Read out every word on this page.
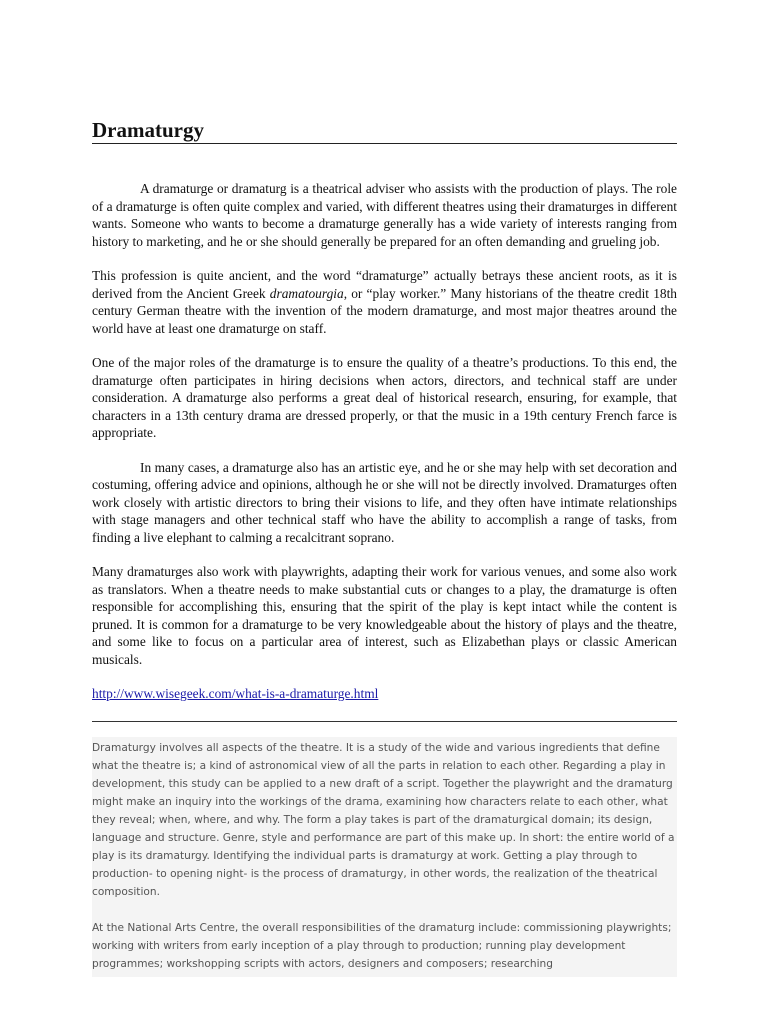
Dramaturgy

A dramaturge or dramaturg is a theatrical adviser who assists with the production of plays. The role of a dramaturge is often quite complex and varied, with different theatres using their dramaturges in different wants. Someone who wants to become a dramaturge generally has a wide variety of interests ranging from history to marketing, and he or she should generally be prepared for an often demanding and grueling job.

This profession is quite ancient, and the word “dramaturge” actually betrays these ancient roots, as it is derived from the Ancient Greek dramatourgia, or “play worker.” Many historians of the theatre credit 18th century German theatre with the invention of the modern dramaturge, and most major theatres around the world have at least one dramaturge on staff.

One of the major roles of the dramaturge is to ensure the quality of a theatre’s productions. To this end, the dramaturge often participates in hiring decisions when actors, directors, and technical staff are under consideration. A dramaturge also performs a great deal of historical research, ensuring, for example, that characters in a 13th century drama are dressed properly, or that the music in a 19th century French farce is appropriate.

In many cases, a dramaturge also has an artistic eye, and he or she may help with set decoration and costuming, offering advice and opinions, although he or she will not be directly involved. Dramaturges often work closely with artistic directors to bring their visions to life, and they often have intimate relationships with stage managers and other technical staff who have the ability to accomplish a range of tasks, from finding a live elephant to calming a recalcitrant soprano.

Many dramaturges also work with playwrights, adapting their work for various venues, and some also work as translators. When a theatre needs to make substantial cuts or changes to a play, the dramaturge is often responsible for accomplishing this, ensuring that the spirit of the play is kept intact while the content is pruned. It is common for a dramaturge to be very knowledgeable about the history of plays and the theatre, and some like to focus on a particular area of interest, such as Elizabethan plays or classic American musicals.

http://www.wisegeek.com/what-is-a-dramaturge.html

Dramaturgy involves all aspects of the theatre. It is a study of the wide and various ingredients that define what the theatre is; a kind of astronomical view of all the parts in relation to each other. Regarding a play in development, this study can be applied to a new draft of a script. Together the playwright and the dramaturg might make an inquiry into the workings of the drama, examining how characters relate to each other, what they reveal; when, where, and why. The form a play takes is part of the dramaturgical domain; its design, language and structure. Genre, style and performance are part of this make up. In short: the entire world of a play is its dramaturgy. Identifying the individual parts is dramaturgy at work. Getting a play through to production- to opening night- is the process of dramaturgy, in other words, the realization of the theatrical composition.

At the National Arts Centre, the overall responsibilities of the dramaturg include: commissioning playwrights; working with writers from early inception of a play through to production; running play development programmes; workshopping scripts with actors, designers and composers; researching
